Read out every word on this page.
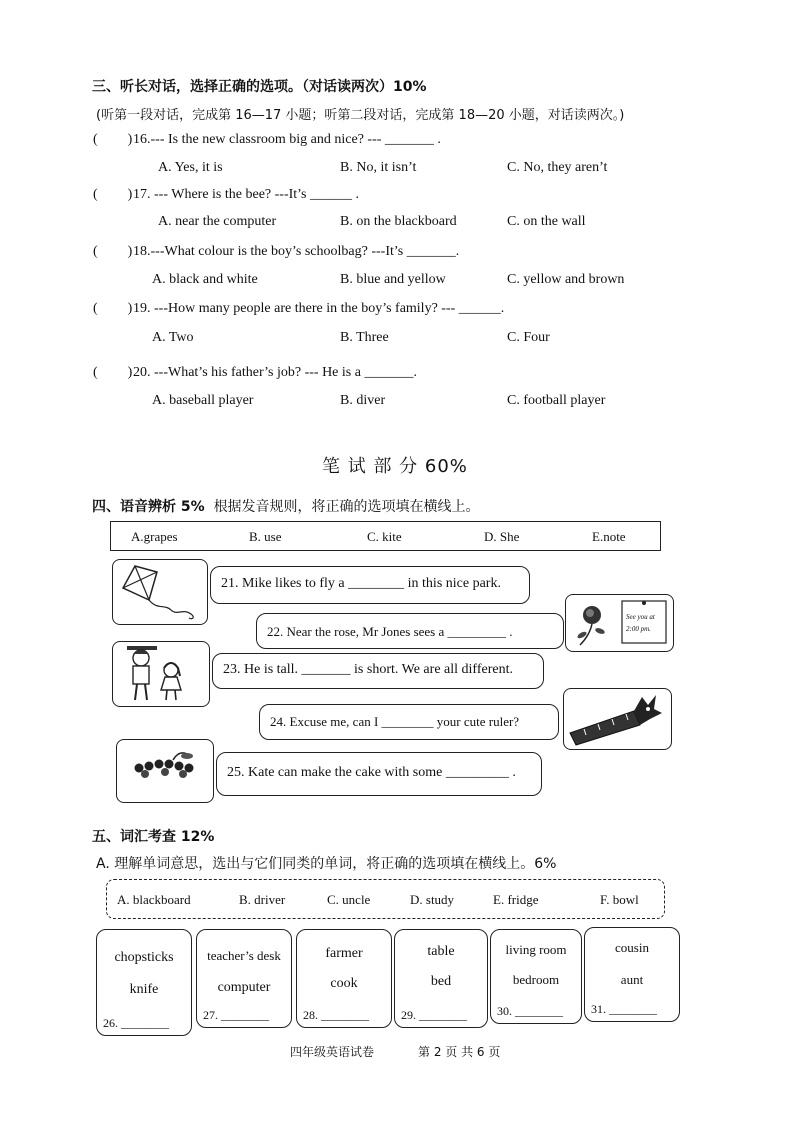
三、听长对话，选择正确的选项。（对话读两次）10%
(听第一段对话，完成第 16—17 小题；听第二段对话，完成第 18—20 小题，对话读两次。)
( ) 16.--- Is the new classroom big and nice? --- _______ .
A. Yes, it is	B. No, it isn’t	C. No, they aren’t
( ) 17. --- Where is the bee? ---It’s ______ .
A. near the computer	B. on the blackboard	C. on the wall
( ) 18.---What colour is the boy’s schoolbag? ---It’s _______.
A. black and white	B. blue and yellow	C. yellow and brown
( ) 19. ---How many people are there in the boy’s family? --- ______.
A. Two	B. Three	C. Four
( ) 20. ---What’s his father’s job? --- He is a _______.
A. baseball player	B. diver	C. football player
笔 试 部 分 60%
四、语音辨析 5% 根据发音规则，将正确的选项填在横线上。
A.grapes	B. use	C. kite	D. She	E.note
21. Mike likes to fly a ________ in this nice park.
22. Near the rose, Mr Jones sees a _________ .
See you at
2:00 pm.
23. He is tall. _______ is short. We are all different.
24. Excuse me, can I ________ your cute ruler?
25. Kate can make the cake with some _________ .
五、词汇考查 12%
A. 理解单词意思，选出与它们同类的单词，将正确的选项填在横线上。6%
A. blackboard	B. driver	C. uncle	D. study	E. fridge	F. bowl
chopsticks
knife
26. ________
teacher’s desk
computer
27. ________
farmer
cook
28. ________
table
bed
29. ________
living room
bedroom
30. ________
cousin
aunt
31. ________
四年级英语试卷	第 2 页 共 6 页
